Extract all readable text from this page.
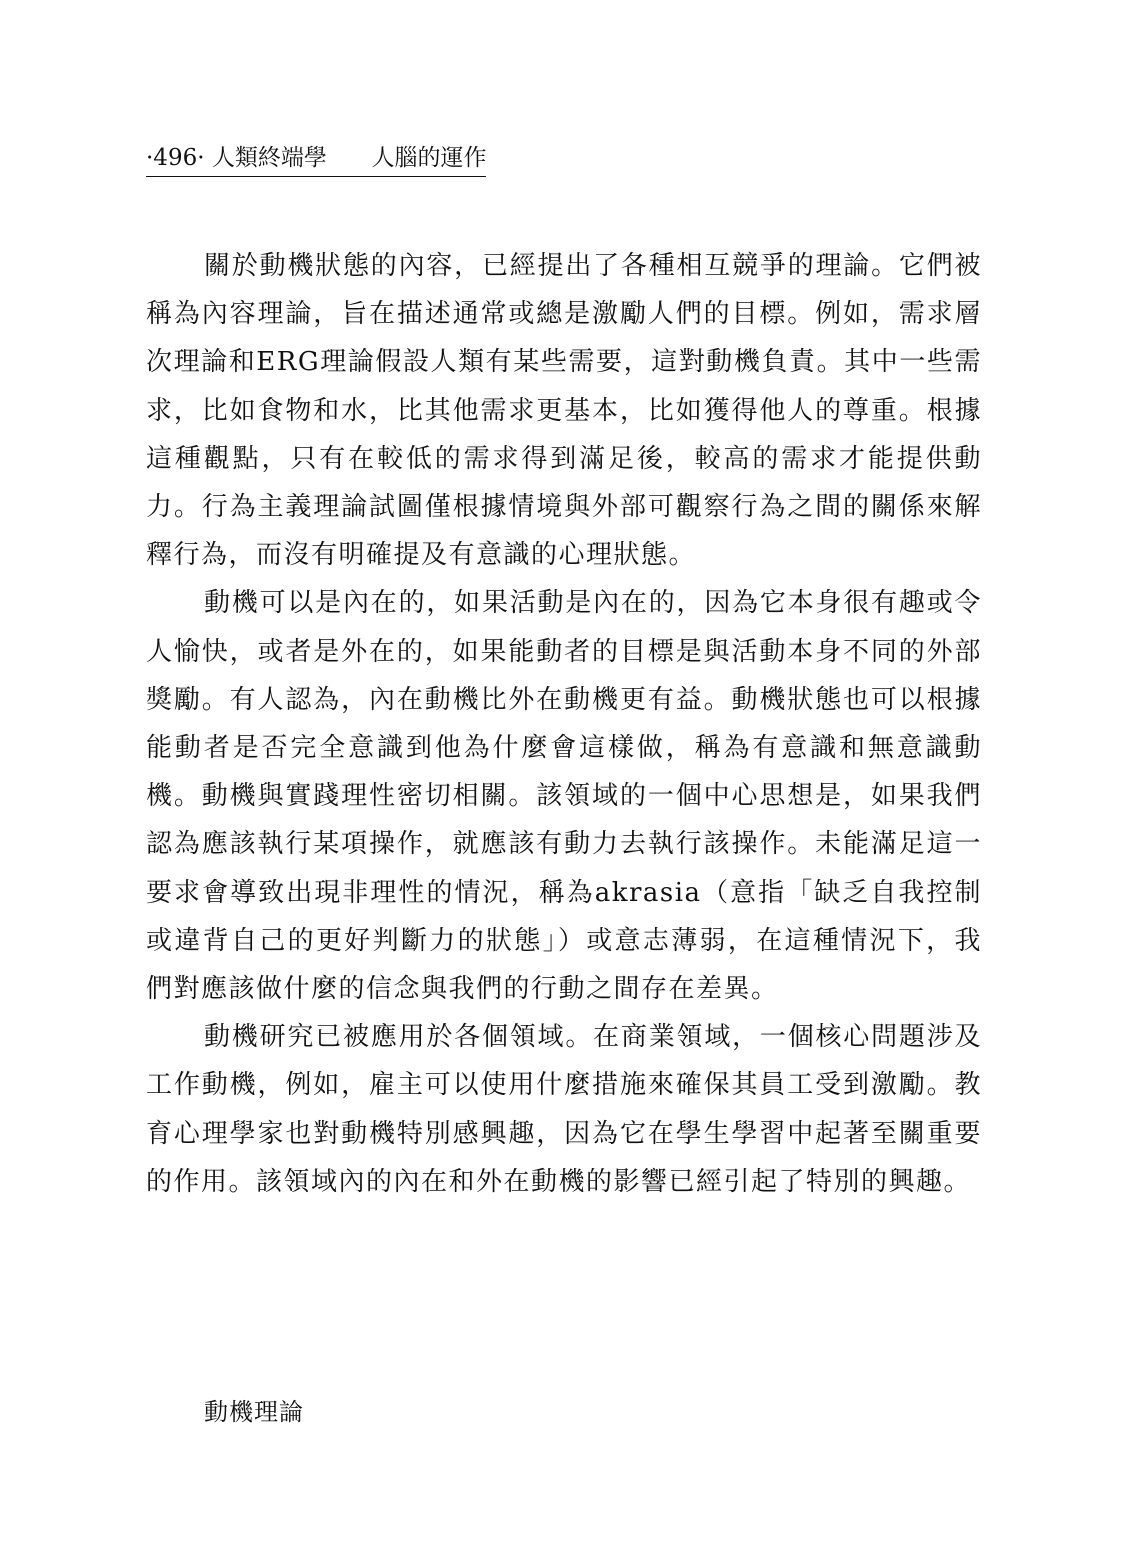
·496· 人類終端學 人腦的運作

關於動機狀態的內容，已經提出了各種相互競爭的理論。它們被稱為內容理論，旨在描述通常或總是激勵人們的目標。例如，需求層次理論和ERG理論假設人類有某些需要，這對動機負責。其中一些需求，比如食物和水，比其他需求更基本，比如獲得他人的尊重。根據這種觀點，只有在較低的需求得到滿足後，較高的需求才能提供動力。行為主義理論試圖僅根據情境與外部可觀察行為之間的關係來解釋行為，而沒有明確提及有意識的心理狀態。

動機可以是內在的，如果活動是內在的，因為它本身很有趣或令人愉快，或者是外在的，如果能動者的目標是與活動本身不同的外部獎勵。有人認為，內在動機比外在動機更有益。動機狀態也可以根據能動者是否完全意識到他為什麼會這樣做，稱為有意識和無意識動機。動機與實踐理性密切相關。該領域的一個中心思想是，如果我們認為應該執行某項操作，就應該有動力去執行該操作。未能滿足這一要求會導致出現非理性的情況，稱為akrasia（意指「缺乏自我控制或違背自己的更好判斷力的狀態」）或意志薄弱，在這種情況下，我們對應該做什麼的信念與我們的行動之間存在差異。

動機研究已被應用於各個領域。在商業領域，一個核心問題涉及工作動機，例如，雇主可以使用什麼措施來確保其員工受到激勵。教育心理學家也對動機特別感興趣，因為它在學生學習中起著至關重要的作用。該領域內的內在和外在動機的影響已經引起了特別的興趣。

動機理論
